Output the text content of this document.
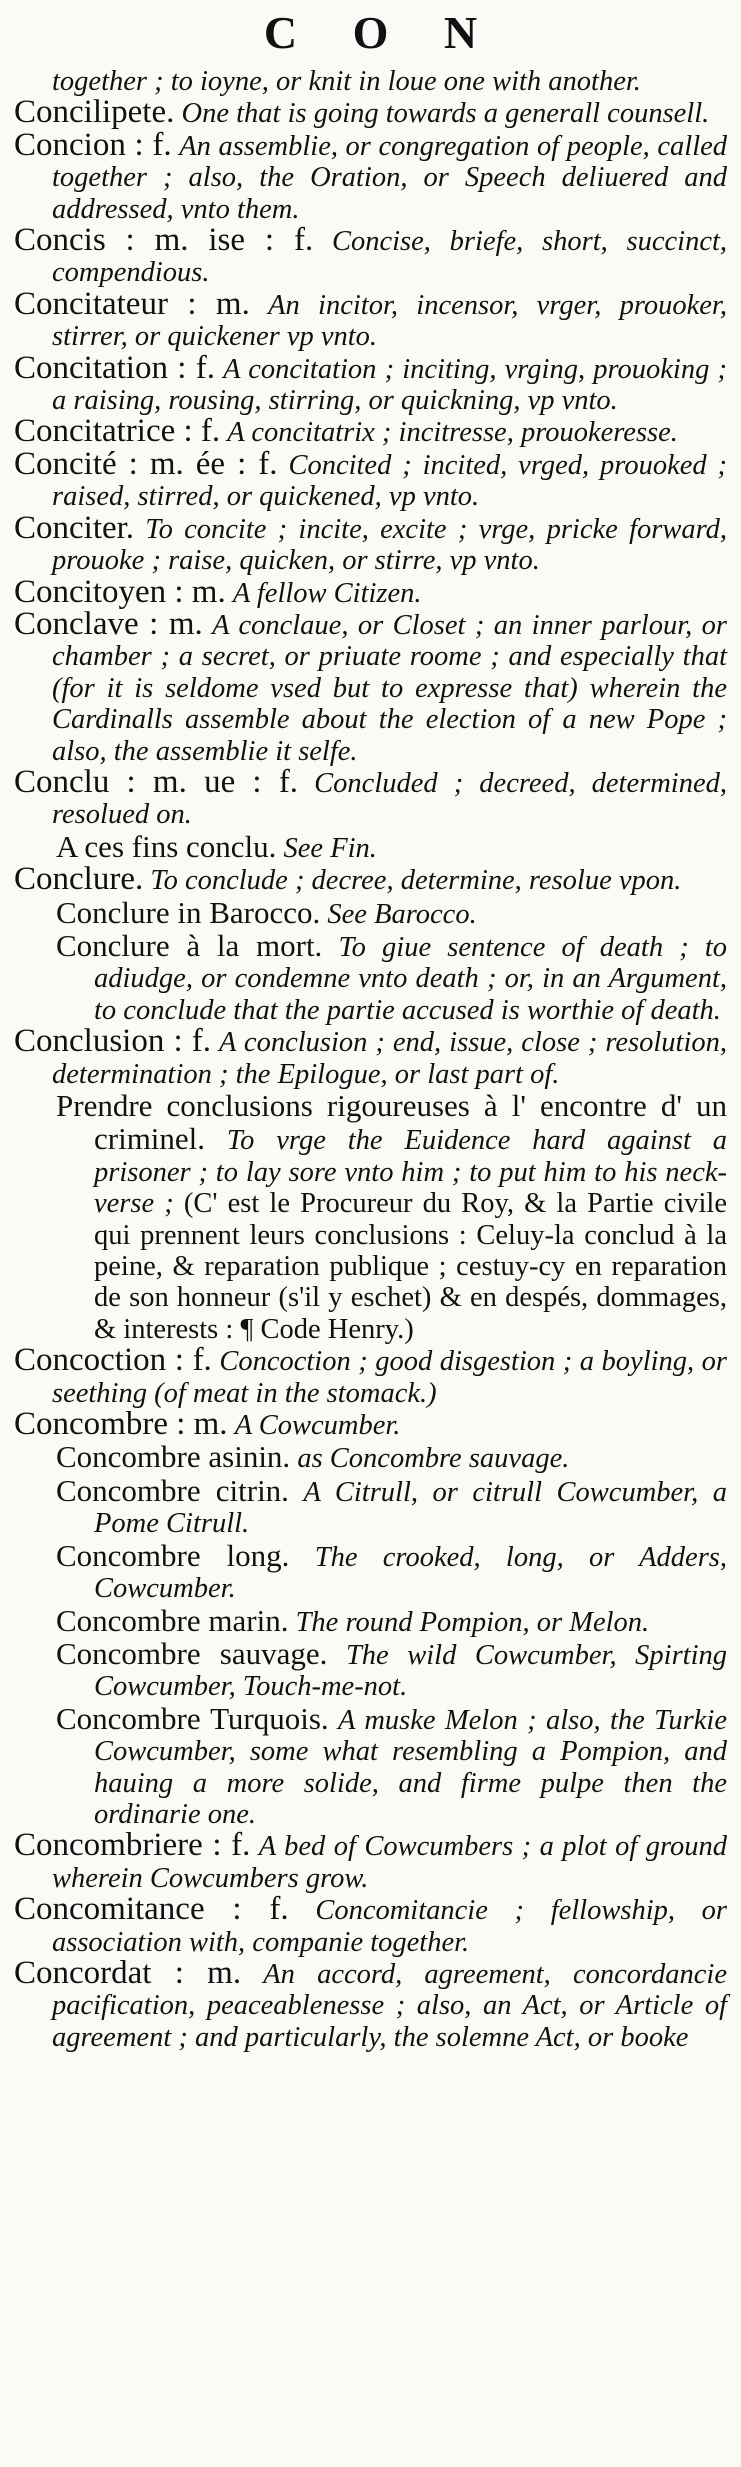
C O N

together ; to ioyne, or knit in loue one with another.

Concilipete. One that is going towards a generall counsell.

Concion : f. An assemblie, or congregation of people, called together ; also, the Oration, or Speech deliuered and addressed, vnto them.

Concis : m. ise : f. Concise, briefe, short, succinct, compendious.

Concitateur : m. An incitor, incensor, vrger, prouoker, stirrer, or quickener vp vnto.

Concitation : f. A concitation ; inciting, vrging, prouoking ; a raising, rousing, stirring, or quickning, vp vnto.

Concitatrice : f. A concitatrix ; incitresse, prouokeresse.

Concité : m. ée : f. Concited ; incited, vrged, prouoked ; raised, stirred, or quickened, vp vnto.

Conciter. To concite ; incite, excite ; vrge, pricke forward, prouoke ; raise, quicken, or stirre, vp vnto.

Concitoyen : m. A fellow Citizen.

Conclave : m. A conclaue, or Closet ; an inner parlour, or chamber ; a secret, or priuate roome ; and especially that (for it is seldome vsed but to expresse that) wherein the Cardinalls assemble about the election of a new Pope ; also, the assemblie it selfe.

Conclu : m. ue : f. Concluded ; decreed, determined, resolued on.

A ces fins conclu. See Fin.

Conclure. To conclude ; decree, determine, resolue vpon.

Conclure in Barocco. See Barocco.

Conclure à la mort. To giue sentence of death ; to adiudge, or condemne vnto death ; or, in an Argument, to conclude that the partie accused is worthie of death.

Conclusion : f. A conclusion ; end, issue, close ; resolution, determination ; the Epilogue, or last part of.

Prendre conclusions rigoureuses à l' encontre d' un criminel. To vrge the Euidence hard against a prisoner ; to lay sore vnto him ; to put him to his neck-verse ; (C' est le Procureur du Roy, & la Partie civile qui prennent leurs conclusions : Celuy-la conclud à la peine, & reparation publique ; cestuy-cy en reparation de son honneur (s'il y eschet) & en despés, dommages, & interests : ¶ Code Henry.)

Concoction : f. Concoction ; good disgestion ; a boyling, or seething (of meat in the stomack.)

Concombre : m. A Cowcumber.

Concombre asinin. as Concombre sauvage.

Concombre citrin. A Citrull, or citrull Cowcumber, a Pome Citrull.

Concombre long. The crooked, long, or Adders, Cowcumber.

Concombre marin. The round Pompion, or Melon.

Concombre sauvage. The wild Cowcumber, Spirting Cowcumber, Touch-me-not.

Concombre Turquois. A muske Melon ; also, the Turkie Cowcumber, some what resembling a Pompion, and hauing a more solide, and firme pulpe then the ordinarie one.

Concombriere : f. A bed of Cowcumbers ; a plot of ground wherein Cowcumbers grow.

Concomitance : f. Concomitancie ; fellowship, or association with, companie together.

Concordat : m. An accord, agreement, concordancie pacification, peaceablenesse ; also, an Act, or Article of agreement ; and particularly, the solemne Act, or booke
